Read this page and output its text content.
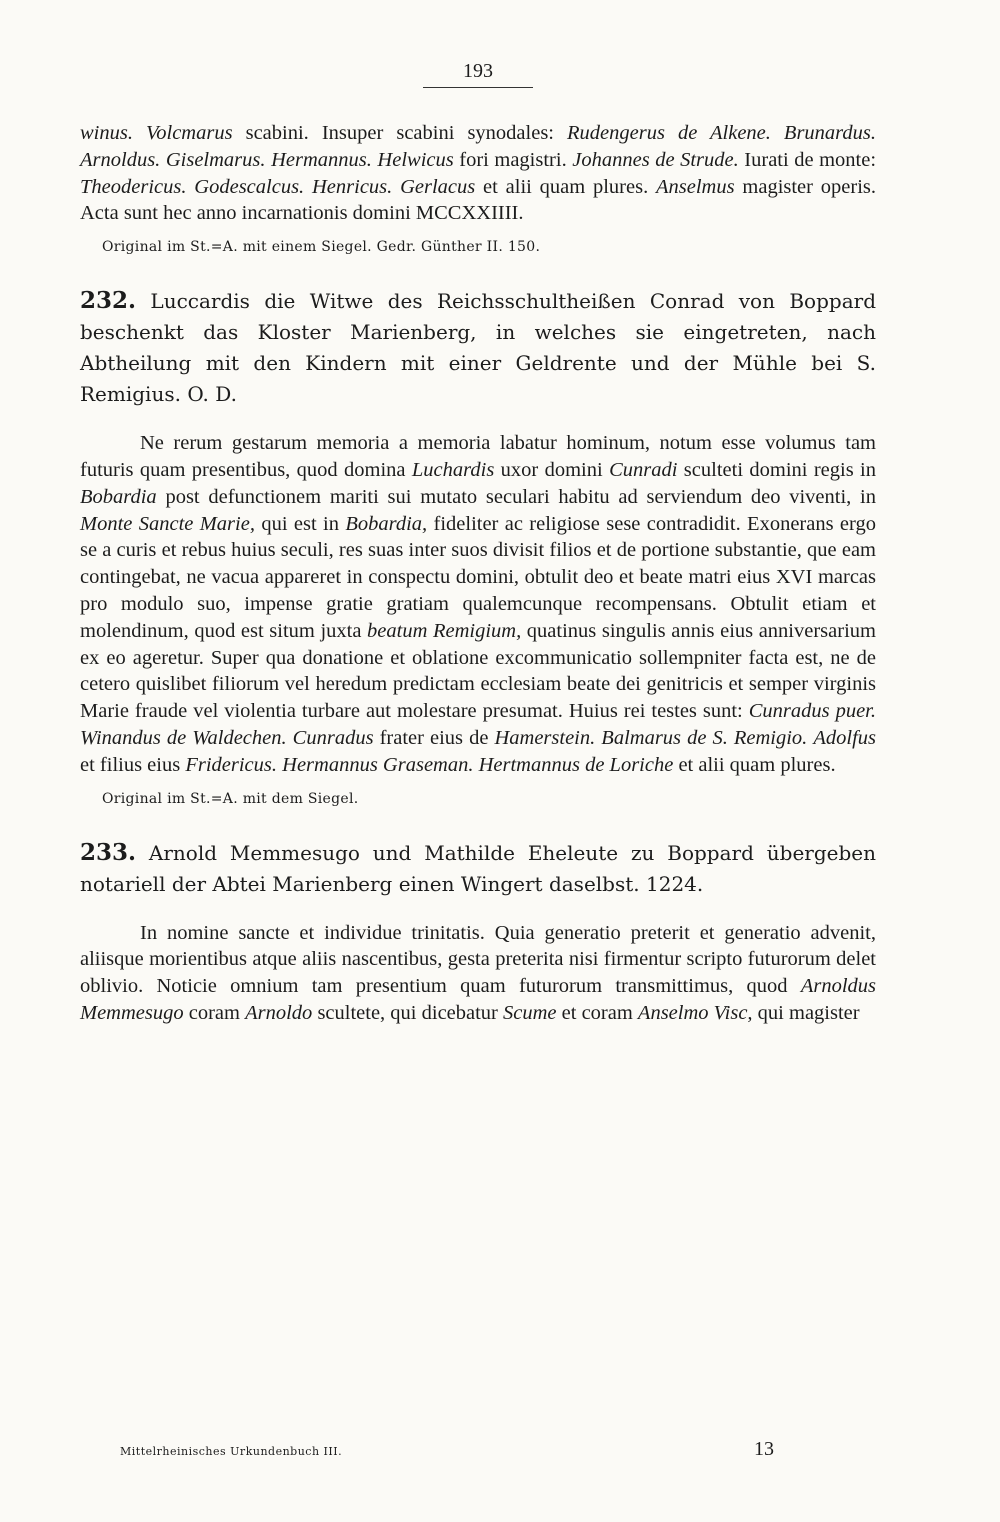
193

winus. Volcmarus scabini. Insuper scabini synodales: Rudengerus de Alkene. Brunardus. Arnoldus. Giselmarus. Hermannus. Helwicus fori magistri. Johannes de Strude. Iurati de monte: Theodericus. Godescalcus. Henricus. Gerlacus et alii quam plures. Anselmus magister operis. Acta sunt hec anno incarnationis domini MCCXXIIII.

Original im St.=A. mit einem Siegel. Gedr. Günther II. 150.

232. Luccardis die Witwe des Reichsschultheißen Conrad von Boppard beschenkt das Kloster Marienberg, in welches sie eingetreten, nach Abtheilung mit den Kindern mit einer Geldrente und der Mühle bei S. Remigius. O. D.

Ne rerum gestarum memoria a memoria labatur hominum, notum esse volumus tam futuris quam presentibus, quod domina Luchardis uxor domini Cunradi sculteti domini regis in Bobardia post defunctionem mariti sui mutato seculari habitu ad serviendum deo viventi, in Monte Sancte Marie, qui est in Bobardia, fideliter ac religiose sese contradidit. Exonerans ergo se a curis et rebus huius seculi, res suas inter suos divisit filios et de portione substantie, que eam contingebat, ne vacua appareret in conspectu domini, obtulit deo et beate matri eius XVI marcas pro modulo suo, impense gratie gratiam qualemcunque recompensans. Obtulit etiam et molendinum, quod est situm juxta beatum Remigium, quatinus singulis annis eius anniversarium ex eo ageretur. Super qua donatione et oblatione excommunicatio sollempniter facta est, ne de cetero quislibet filiorum vel heredum predictam ecclesiam beate dei genitricis et semper virginis Marie fraude vel violentia turbare aut molestare presumat. Huius rei testes sunt: Cunradus puer. Winandus de Waldechen. Cunradus frater eius de Hamerstein. Balmarus de S. Remigio. Adolfus et filius eius Fridericus. Hermannus Graseman. Hertmannus de Loriche et alii quam plures.

Original im St.=A. mit dem Siegel.

233. Arnold Memmesugo und Mathilde Eheleute zu Boppard übergeben notariell der Abtei Marienberg einen Wingert daselbst. 1224.

In nomine sancte et individue trinitatis. Quia generatio preterit et generatio advenit, aliisque morientibus atque aliis nascentibus, gesta preterita nisi firmentur scripto futurorum delet oblivio. Noticie omnium tam presentium quam futurorum transmittimus, quod Arnoldus Memmesugo coram Arnoldo scultete, qui dicebatur Scume et coram Anselmo Visc, qui magister

Mittelrheinisches Urkundenbuch III.	13
